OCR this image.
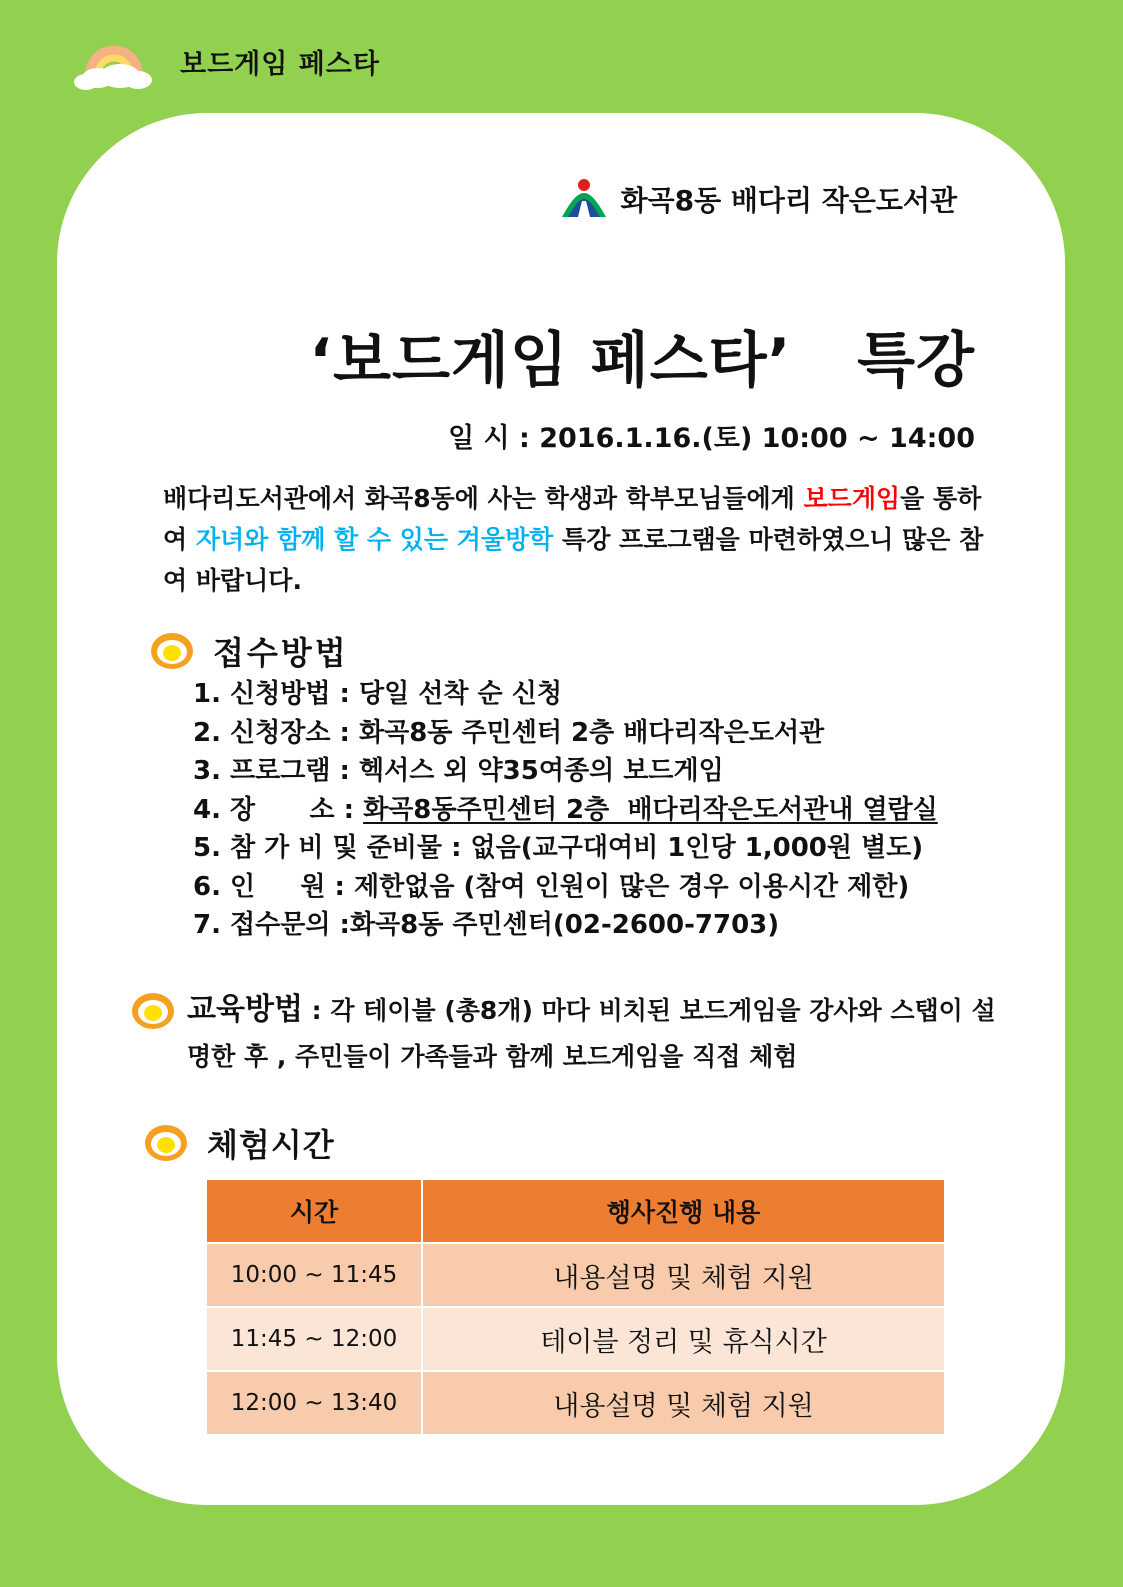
보드게임 페스타
화곡8동 배다리 작은도서관
‘보드게임 페스타’   특강
일 시 : 2016.1.16.(토) 10:00 ~ 14:00
배다리도서관에서 화곡8동에 사는 학생과 학부모님들에게 보드게임을 통하여 자녀와 함께 할 수 있는 겨울방학 특강 프로그램을 마련하였으니 많은 참여 바랍니다.
접수방법
1. 신청방법 : 당일 선착 순 신청
2. 신청장소 : 화곡8동 주민센터 2층 배다리작은도서관
3. 프로그램 : 헥서스 외 약35여종의 보드게임
4. 장      소 : 화곡8동주민센터 2층  배다리작은도서관내 열람실
5. 참 가 비 및 준비물 : 없음(교구대여비 1인당 1,000원 별도)
6. 인     원 : 제한없음 (참여 인원이 많은 경우 이용시간 제한)
7. 접수문의 :화곡8동 주민센터(02-2600-7703)
교육방법 : 각 테이블 (총8개) 마다 비치된 보드게임을 강사와 스탭이 설명한 후 , 주민들이 가족들과 함께 보드게임을 직접 체험
체험시간
시간	행사진행 내용
10:00 ~ 11:45	내용설명 및 체험 지원
11:45 ~ 12:00	테이블 정리 및 휴식시간
12:00 ~ 13:40	내용설명 및 체험 지원
